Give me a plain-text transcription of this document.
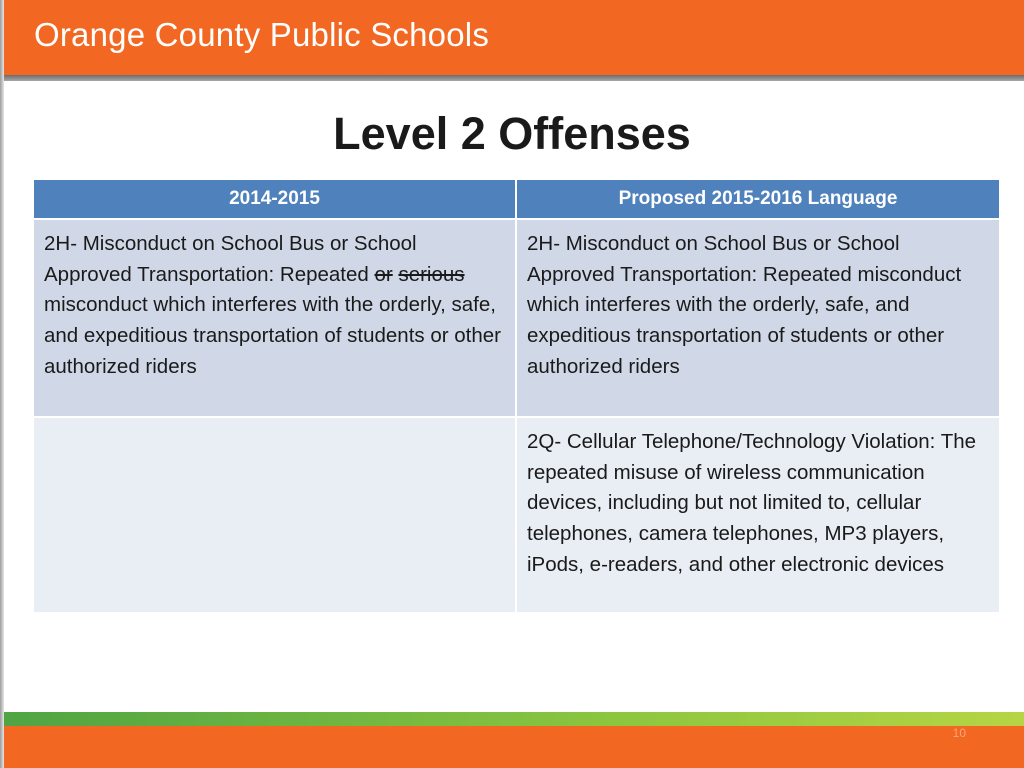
Orange County Public Schools
Level 2 Offenses
2014-2015	Proposed 2015-2016 Language
2H- Misconduct on School Bus or School Approved Transportation: Repeated or serious misconduct which interferes with the orderly, safe, and expeditious transportation of students or other authorized riders	2H- Misconduct on School Bus or School Approved Transportation: Repeated misconduct which interferes with the orderly, safe, and expeditious transportation of students or other authorized riders
	2Q- Cellular Telephone/Technology Violation: The repeated misuse of wireless communication devices, including but not limited to, cellular telephones, camera telephones, MP3 players, iPods, e-readers, and other electronic devices
10
